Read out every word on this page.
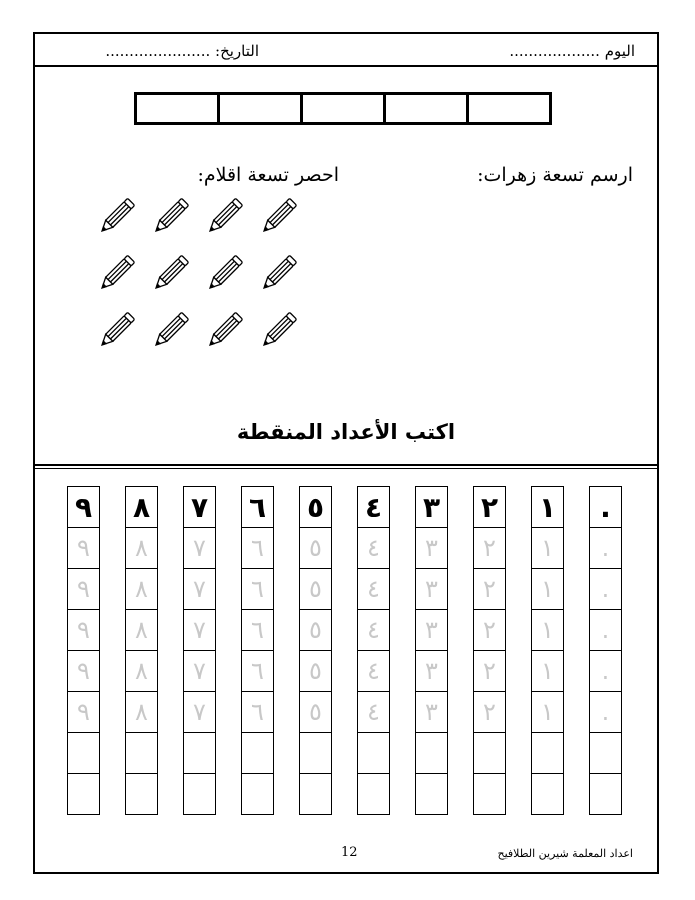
اليوم ...................
التاريخ: ......................
ارسم تسعة زهرات:
احصر تسعة اقلام:
اكتب الأعداد المنقطة
٩
٩
٩
٩
٩
٩
٨
٨
٨
٨
٨
٨
٧
٧
٧
٧
٧
٧
٦
٦
٦
٦
٦
٦
٥
٥
٥
٥
٥
٥
٤
٤
٤
٤
٤
٤
٣
٣
٣
٣
٣
٣
٢
٢
٢
٢
٢
٢
١
١
١
١
١
١
.
.
.
.
.
.
اعداد المعلمة شيرين الطلافيح
12
